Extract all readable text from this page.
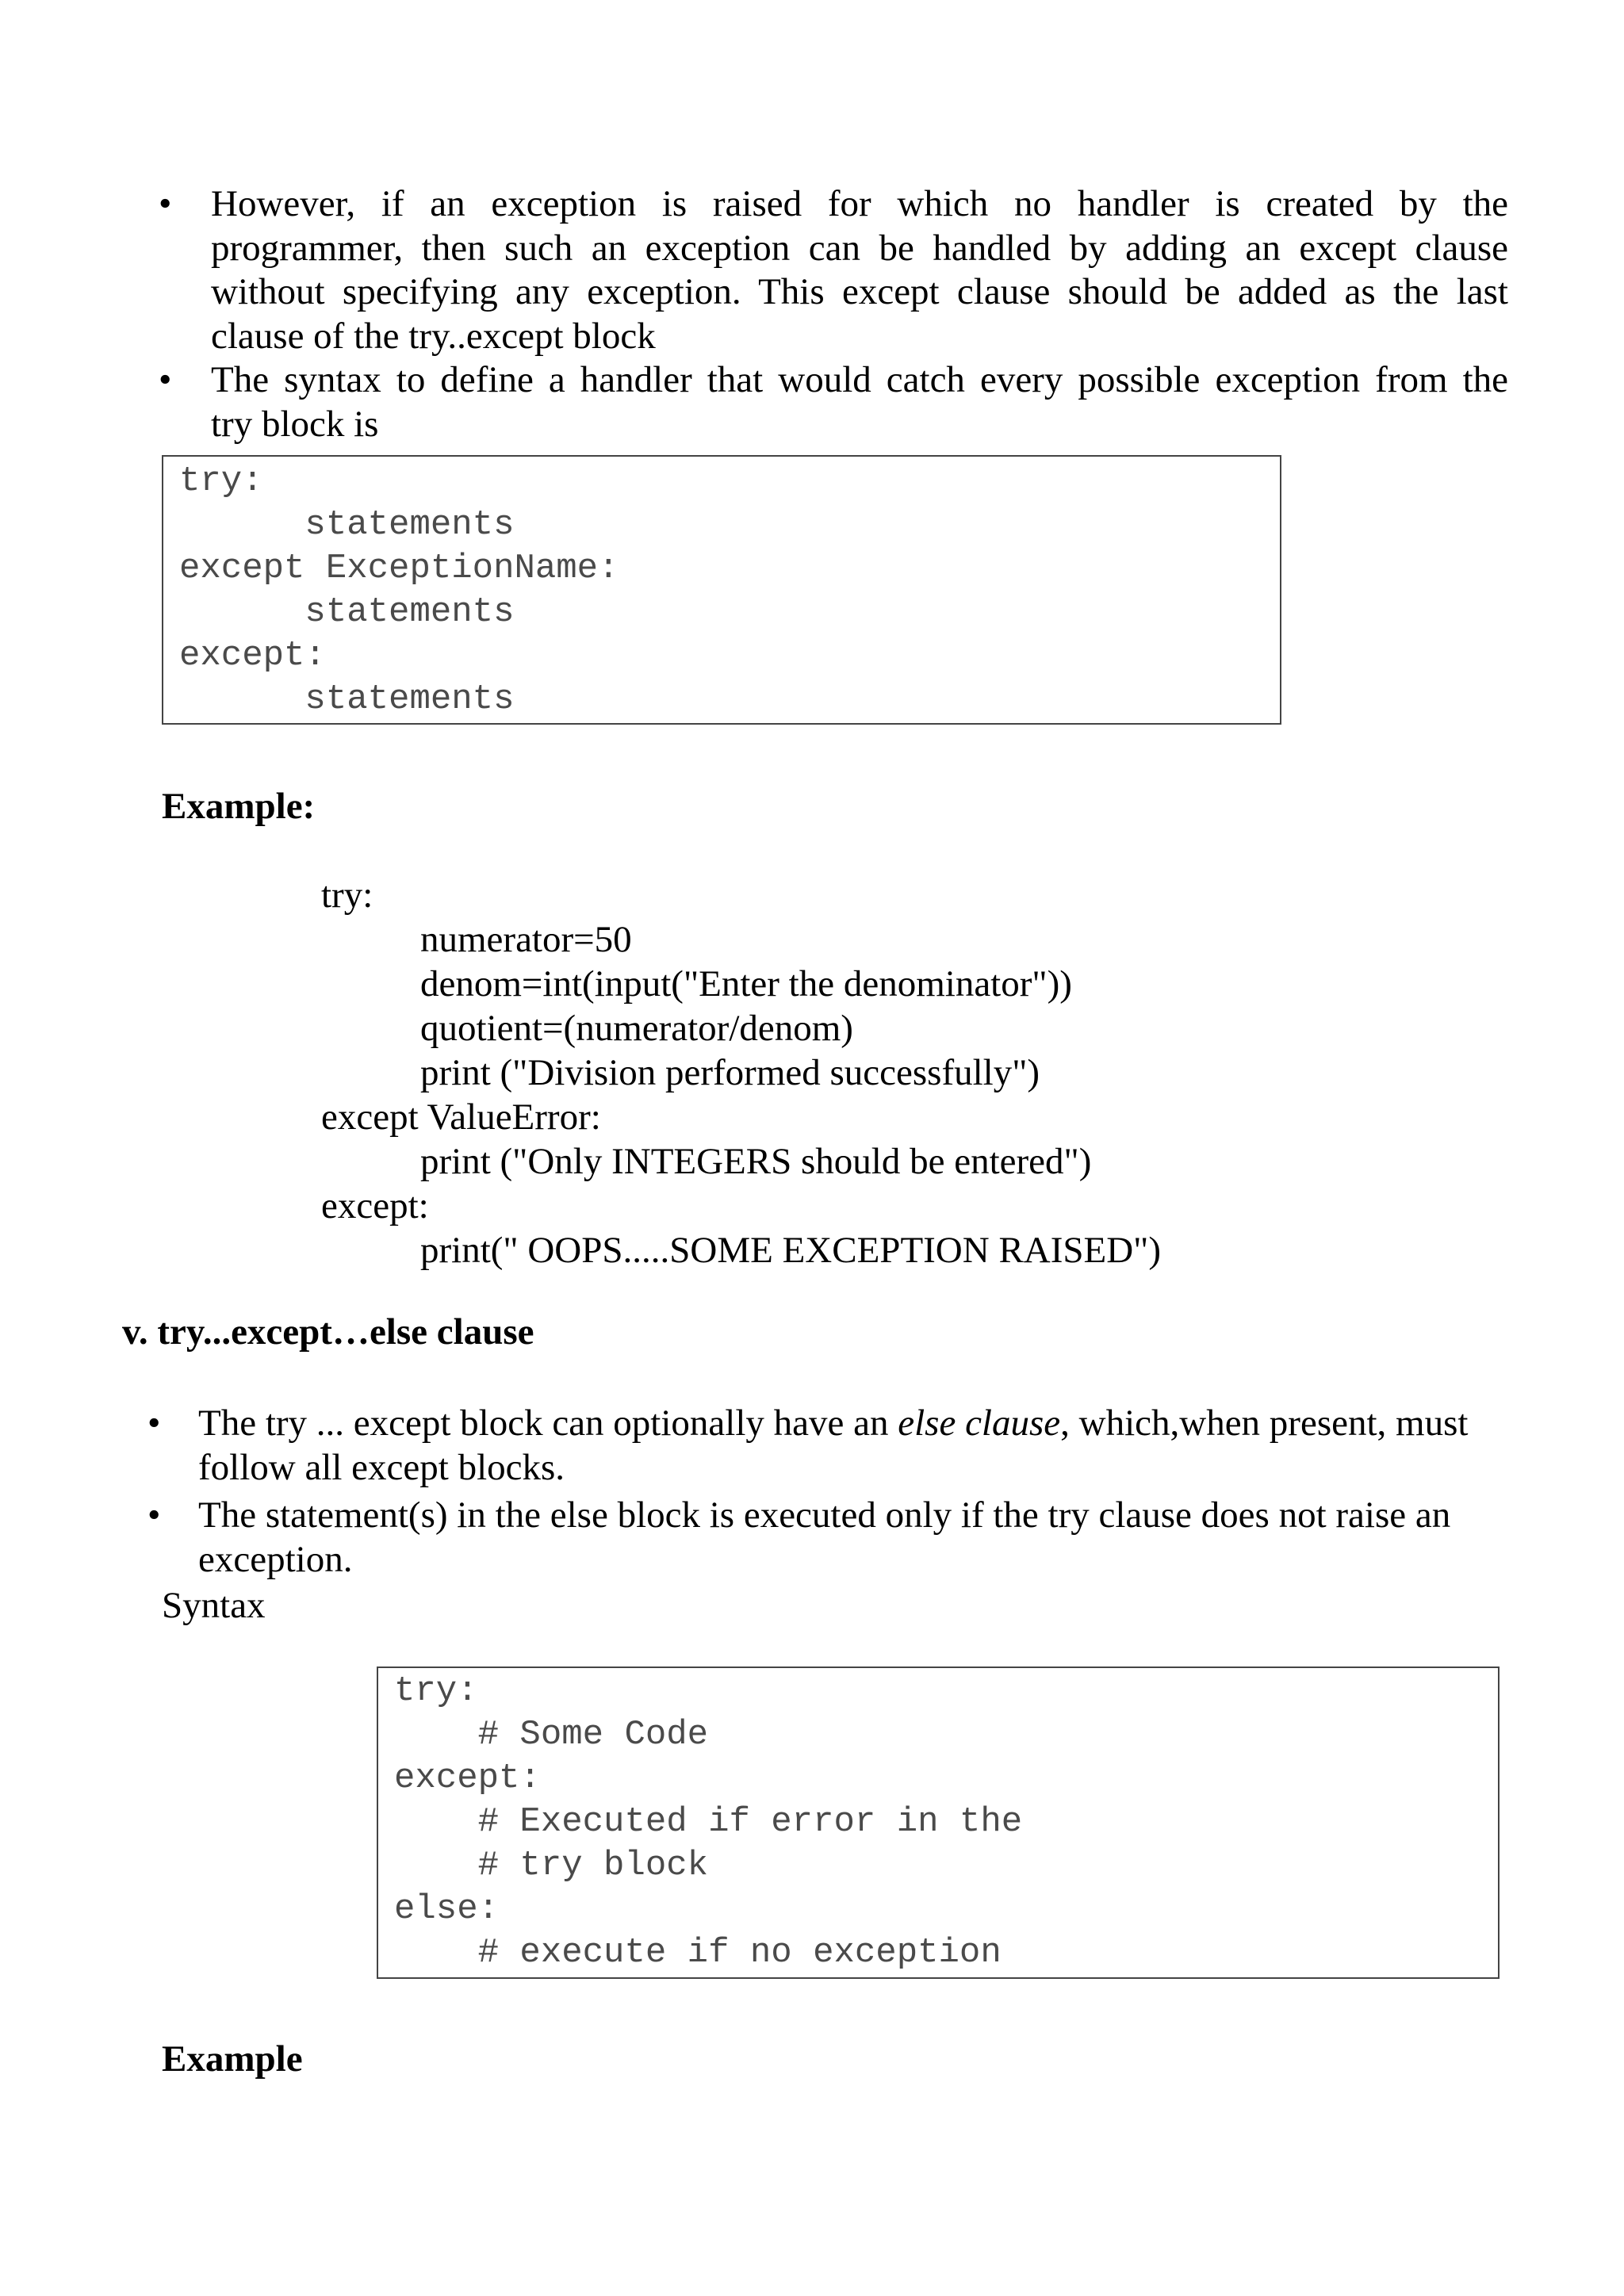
• However, if an exception is raised for which no handler is created by the
programmer, then such an exception can be handled by adding an except clause
without specifying any exception. This except clause should be added as the last
clause of the try..except block
• The syntax to define a handler that would catch every possible exception from the
try block is
try:
statements
except ExceptionName:
statements
except:
statements
Example:
try:
numerator=50
denom=int(input("Enter the denominator"))
quotient=(numerator/denom)
print ("Division performed successfully")
except ValueError:
print ("Only INTEGERS should be entered")
except:
print(" OOPS.....SOME EXCEPTION RAISED")
v. try...except…else clause
• The try ... except block can optionally have an else clause, which,when present, must
follow all except blocks.
• The statement(s) in the else block is executed only if the try clause does not raise an
exception.
Syntax
try:
# Some Code
except:
# Executed if error in the
# try block
else:
# execute if no exception
Example
